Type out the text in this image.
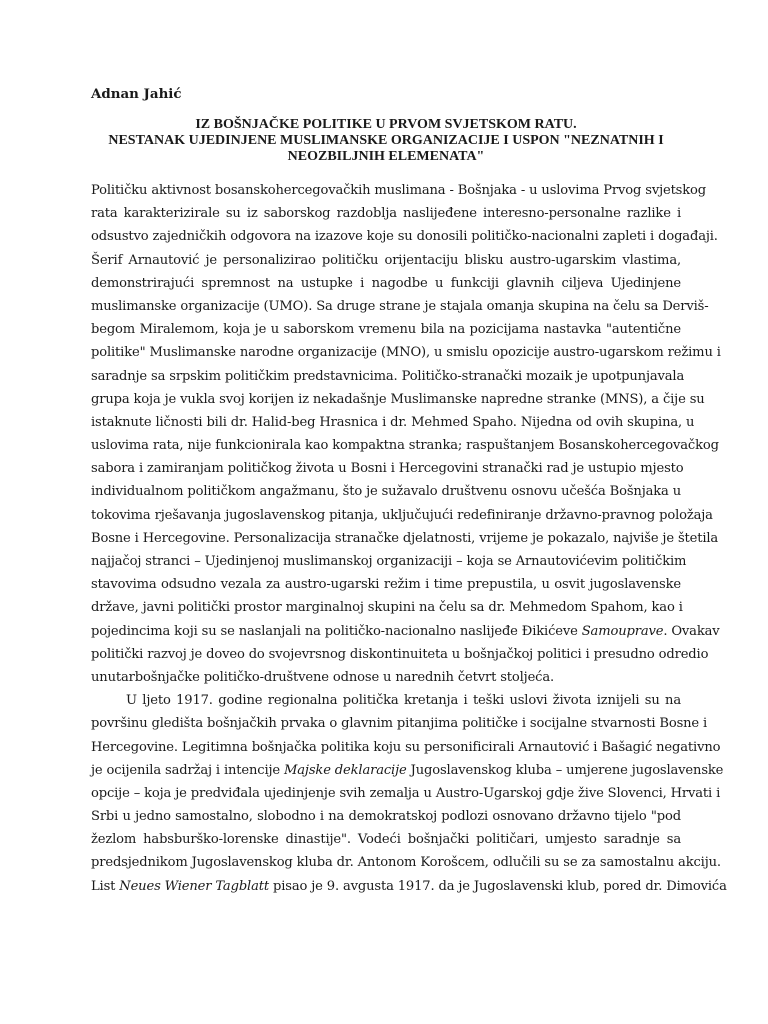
Adnan Jahić
IZ BOŠNJAČKE POLITIKE U PRVOM SVJETSKOM RATU.
NESTANAK UJEDINJENE MUSLIMANSKE ORGANIZACIJE I USPON "NEZNATNIH I
NEOZBILJNIH ELEMENATA"
Političku aktivnost bosanskohercegovačkih muslimana - Bošnjaka - u uslovima Prvog svjetskog
rata karakterizirale su iz saborskog razdoblja naslijeđene interesno-personalne razlike i
odsustvo zajedničkih odgovora na izazove koje su donosili političko-nacionalni zapleti i događaji.
Šerif Arnautović je personalizirao političku orijentaciju blisku austro-ugarskim vlastima,
demonstrirajući spremnost na ustupke i nagodbe u funkciji glavnih ciljeva Ujedinjene
muslimanske organizacije (UMO). Sa druge strane je stajala omanja skupina na čelu sa Derviš-
begom Miralemom, koja je u saborskom vremenu bila na pozicijama nastavka "autentične
politike" Muslimanske narodne organizacije (MNO), u smislu opozicije austro-ugarskom režimu i
saradnje sa srpskim političkim predstavnicima. Političko-stranački mozaik je upotpunjavala
grupa koja je vukla svoj korijen iz nekadašnje Muslimanske napredne stranke (MNS), a čije su
istaknute ličnosti bili dr. Halid-beg Hrasnica i dr. Mehmed Spaho. Nijedna od ovih skupina, u
uslovima rata, nije funkcionirala kao kompaktna stranka; raspuštanjem Bosanskohercegovačkog
sabora i zamiranjam političkog života u Bosni i Hercegovini stranački rad je ustupio mjesto
individualnom političkom angažmanu, što je sužavalo društvenu osnovu učešća Bošnjaka u
tokovima rješavanja jugoslavenskog pitanja, uključujući redefiniranje državno-pravnog položaja
Bosne i Hercegovine. Personalizacija stranačke djelatnosti, vrijeme je pokazalo, najviše je štetila
najjačoj stranci – Ujedinjenoj muslimanskoj organizaciji – koja se Arnautovićevim političkim
stavovima odsudno vezala za austro-ugarski režim i time prepustila, u osvit jugoslavenske
države, javni politički prostor marginalnoj skupini na čelu sa dr. Mehmedom Spahom, kao i
pojedincima koji su se naslanjali na političko-nacionalno naslijeđe Đikićeve Samouprave. Ovakav
politički razvoj je doveo do svojevrsnog diskontinuiteta u bošnjačkoj politici i presudno odredio
unutarbošnjačke političko-društvene odnose u narednih četvrt stoljeća.
U ljeto 1917. godine regionalna politička kretanja i teški uslovi života iznijeli su na
površinu gledišta bošnjačkih prvaka o glavnim pitanjima političke i socijalne stvarnosti Bosne i
Hercegovine. Legitimna bošnjačka politika koju su personificirali Arnautović i Bašagić negativno
je ocijenila sadržaj i intencije Majske deklaracije Jugoslavenskog kluba – umjerene jugoslavenske
opcije – koja je predviđala ujedinjenje svih zemalja u Austro-Ugarskoj gdje žive Slovenci, Hrvati i
Srbi u jedno samostalno, slobodno i na demokratskoj podlozi osnovano državno tijelo "pod
žezlom habsburško-lorenske dinastije". Vodeći bošnjački političari, umjesto saradnje sa
predsjednikom Jugoslavenskog kluba dr. Antonom Korošcem, odlučili su se za samostalnu akciju.
List Neues Wiener Tagblatt pisao je 9. avgusta 1917. da je Jugoslavenski klub, pored dr. Dimovića
